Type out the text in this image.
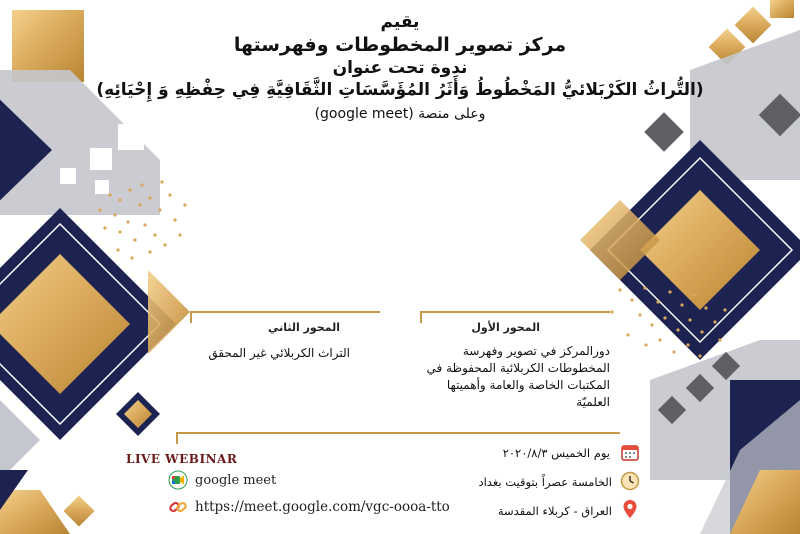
يقيم
مركز تصوير المخطوطات وفهرستها
ندوة تحت عنوان
(التُّراثُ الكَرْبَلائيُّ المَخْطُوطُ وَأَثَرُ المُؤَسَّسَاتِ الثَّقَافِيَّةِ فِي حِفْظِهِ وَ إِحْيَائِهِ)
وعلى منصة (google meet)
المحور الثاني
التراث الكربلائي غير المحقق
المحور الأول
دورالمركز في تصوير وفهرسة
المخطوطات الكربلائية المحفوظة في
المكتبات الخاصة والعامة وأهميتها
العلميّة
LIVE WEBINAR
google meet
https://meet.google.com/vgc-oooa-tto
يوم الخميس ٢٠٢٠/٨/٣
الخامسة عصراً بتوقيت بغداد
العراق - كربلاء المقدسة
